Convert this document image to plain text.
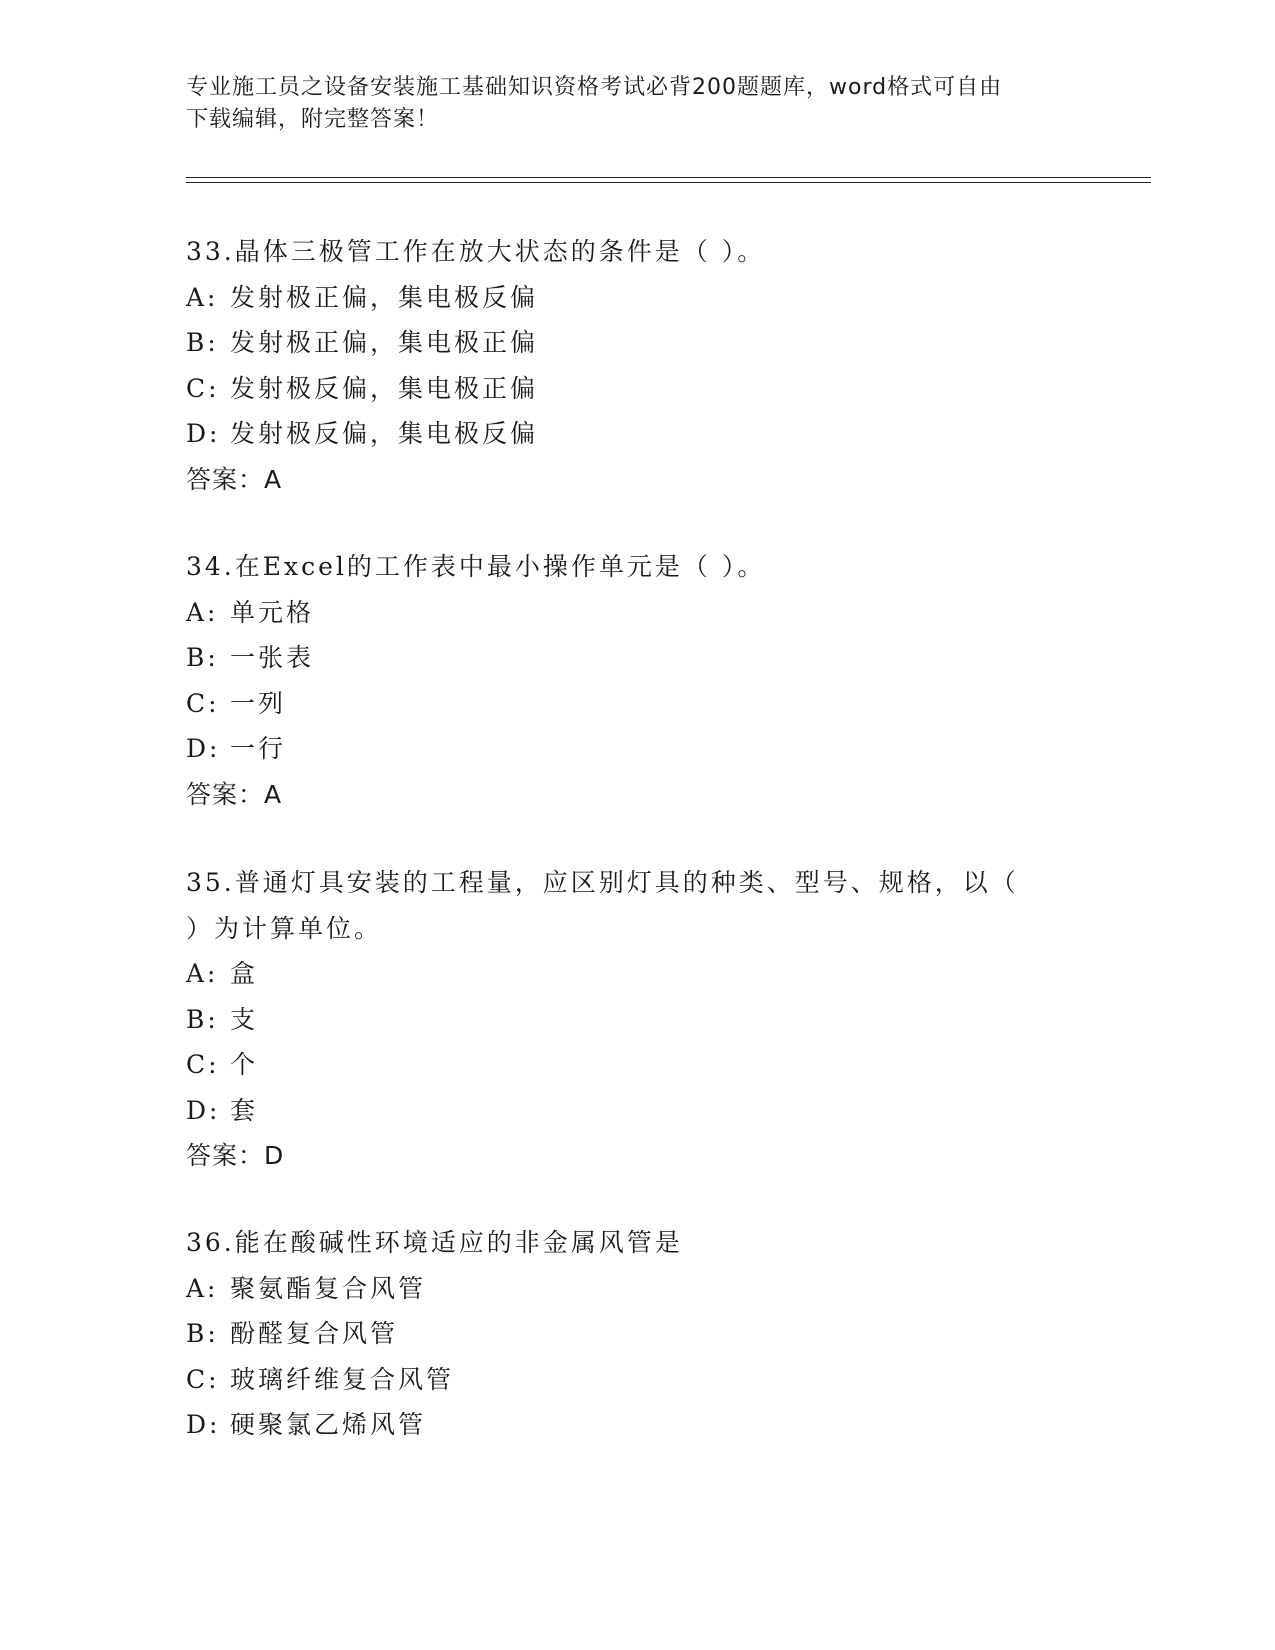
专业施工员之设备安装施工基础知识资格考试必背200题题库，word格式可自由
下载编辑，附完整答案！
33.晶体三极管工作在放大状态的条件是（ ）。
A: 发射极正偏，集电极反偏
B: 发射极正偏，集电极正偏
C: 发射极反偏，集电极正偏
D: 发射极反偏，集电极反偏
答案：A
34.在Excel的工作表中最小操作单元是（ ）。
A: 单元格
B: 一张表
C: 一列
D: 一行
答案：A
35.普通灯具安装的工程量，应区别灯具的种类、型号、规格，以（
）为计算单位。
A: 盒
B: 支
C: 个
D: 套
答案：D
36.能在酸碱性环境适应的非金属风管是
A: 聚氨酯复合风管
B: 酚醛复合风管
C: 玻璃纤维复合风管
D: 硬聚氯乙烯风管
